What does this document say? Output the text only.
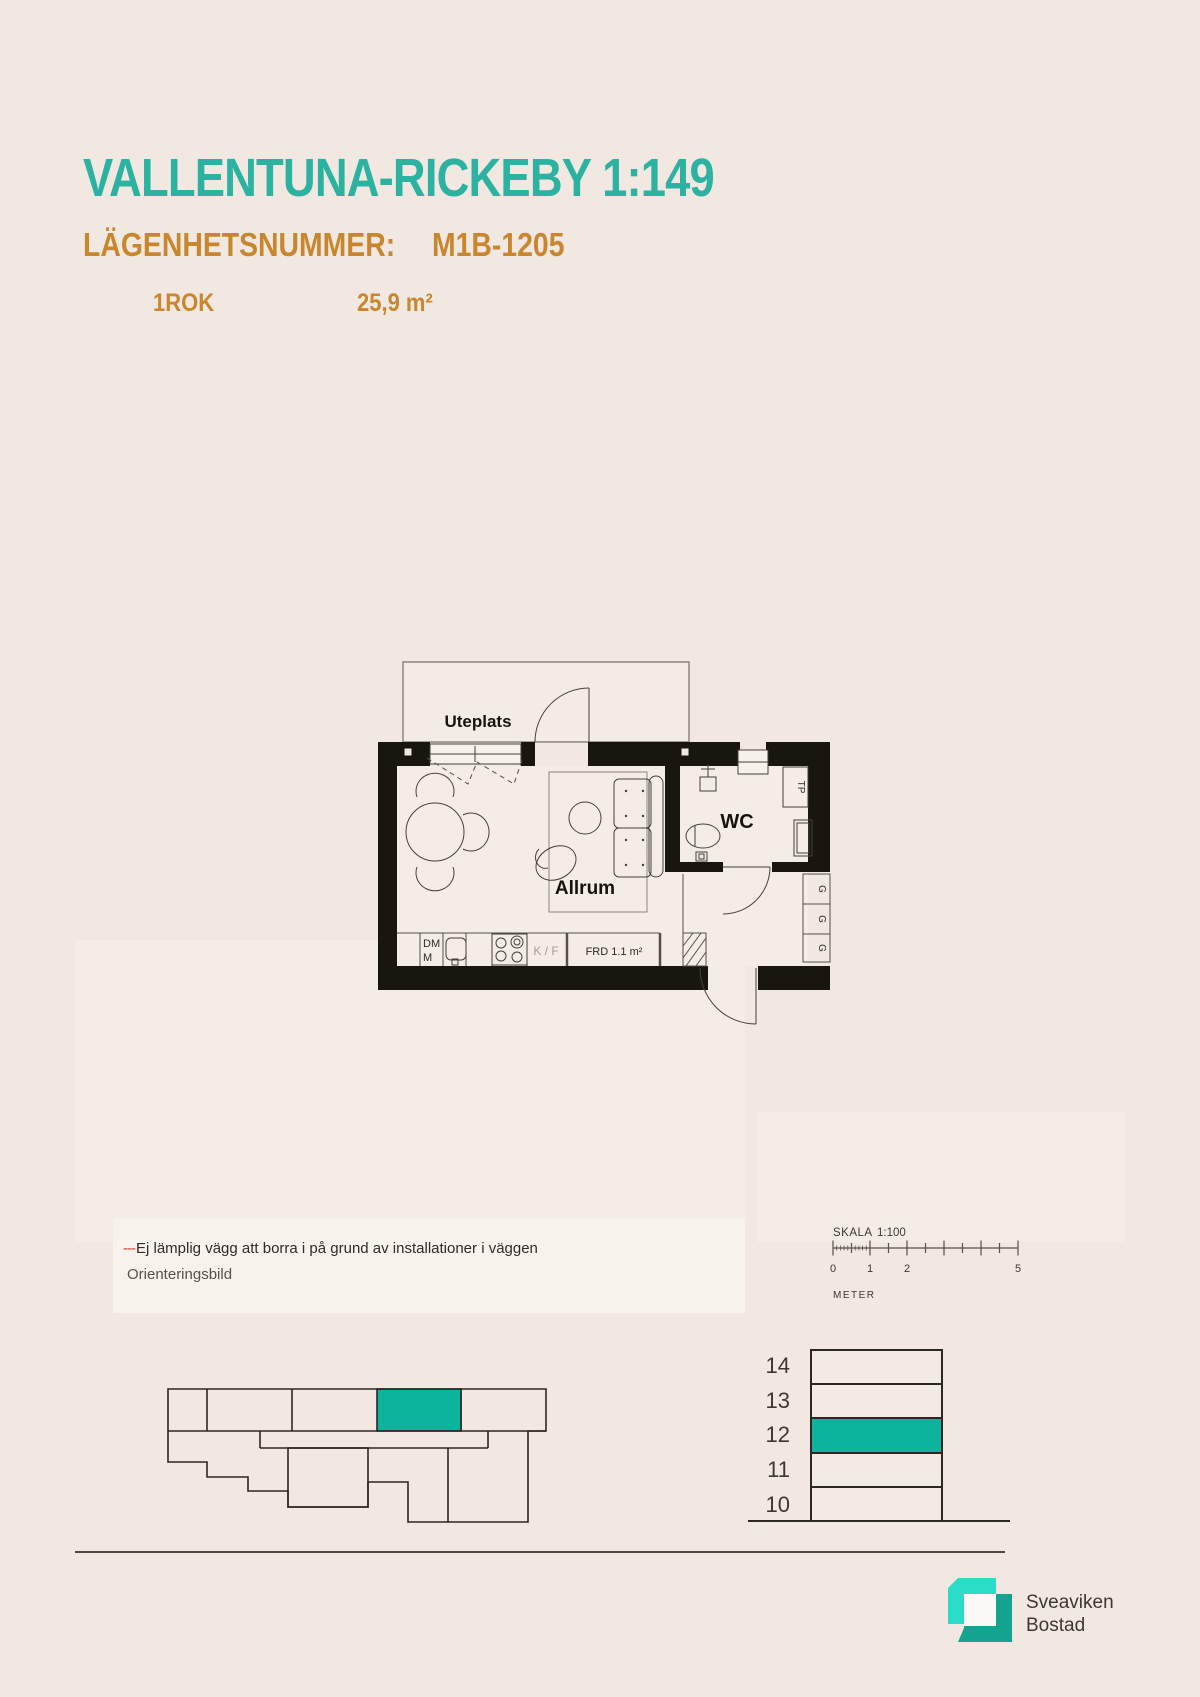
VALLENTUNA-RICKEBY 1:149
LÄGENHETSNUMMER: M1B-1205
1ROK	25,9 m²
Uteplats
Allrum
DM
M	K / F FRD 1.1 m²
TP
WC
G
G
G
---Ej lämplig vägg att borra i på grund av installationer i väggen
Orienteringsbild
SKALA 1:100
0	1	2	5
METER
14
13
12
11
10
Sveaviken
Bostad
